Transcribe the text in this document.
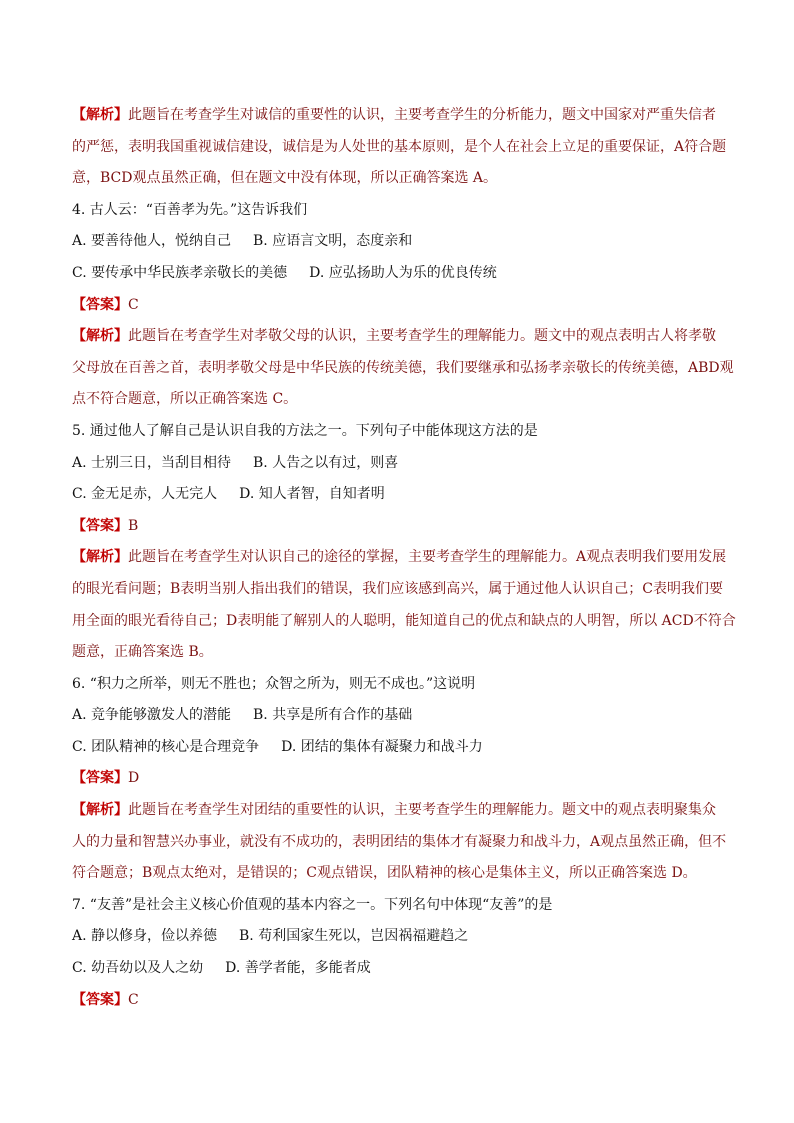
【解析】此题旨在考查学生对诚信的重要性的认识，主要考查学生的分析能力，题文中国家对严重失信者
的严惩，表明我国重视诚信建设，诚信是为人处世的基本原则，是个人在社会上立足的重要保证，A符合题
意，BCD观点虽然正确，但在题文中没有体现，所以正确答案选 A。
4. 古人云：“百善孝为先。”这告诉我们
A. 要善待他人，悦纳自己 B. 应语言文明，态度亲和
C. 要传承中华民族孝亲敬长的美德 D. 应弘扬助人为乐的优良传统
【答案】C
【解析】此题旨在考查学生对孝敬父母的认识，主要考查学生的理解能力。题文中的观点表明古人将孝敬
父母放在百善之首，表明孝敬父母是中华民族的传统美德，我们要继承和弘扬孝亲敬长的传统美德，ABD观
点不符合题意，所以正确答案选 C。
5. 通过他人了解自己是认识自我的方法之一。下列句子中能体现这方法的是
A. 士别三日，当刮目相待 B. 人告之以有过，则喜
C. 金无足赤，人无完人 D. 知人者智，自知者明
【答案】B
【解析】此题旨在考查学生对认识自己的途径的掌握，主要考查学生的理解能力。A观点表明我们要用发展
的眼光看问题；B表明当别人指出我们的错误，我们应该感到高兴，属于通过他人认识自己；C表明我们要
用全面的眼光看待自己；D表明能了解别人的人聪明，能知道自己的优点和缺点的人明智，所以 ACD不符合
题意，正确答案选 B。
6. “积力之所举，则无不胜也；众智之所为，则无不成也。”这说明
A. 竞争能够激发人的潜能 B. 共享是所有合作的基础
C. 团队精神的核心是合理竞争 D. 团结的集体有凝聚力和战斗力
【答案】D
【解析】此题旨在考查学生对团结的重要性的认识，主要考查学生的理解能力。题文中的观点表明聚集众
人的力量和智慧兴办事业，就没有不成功的，表明团结的集体才有凝聚力和战斗力，A观点虽然正确，但不
符合题意；B观点太绝对，是错误的；C观点错误，团队精神的核心是集体主义，所以正确答案选 D。
7. “友善”是社会主义核心价值观的基本内容之一。下列名句中体现“友善”的是
A. 静以修身，俭以养德 B. 苟利国家生死以，岂因祸福避趋之
C. 幼吾幼以及人之幼 D. 善学者能，多能者成
【答案】C
